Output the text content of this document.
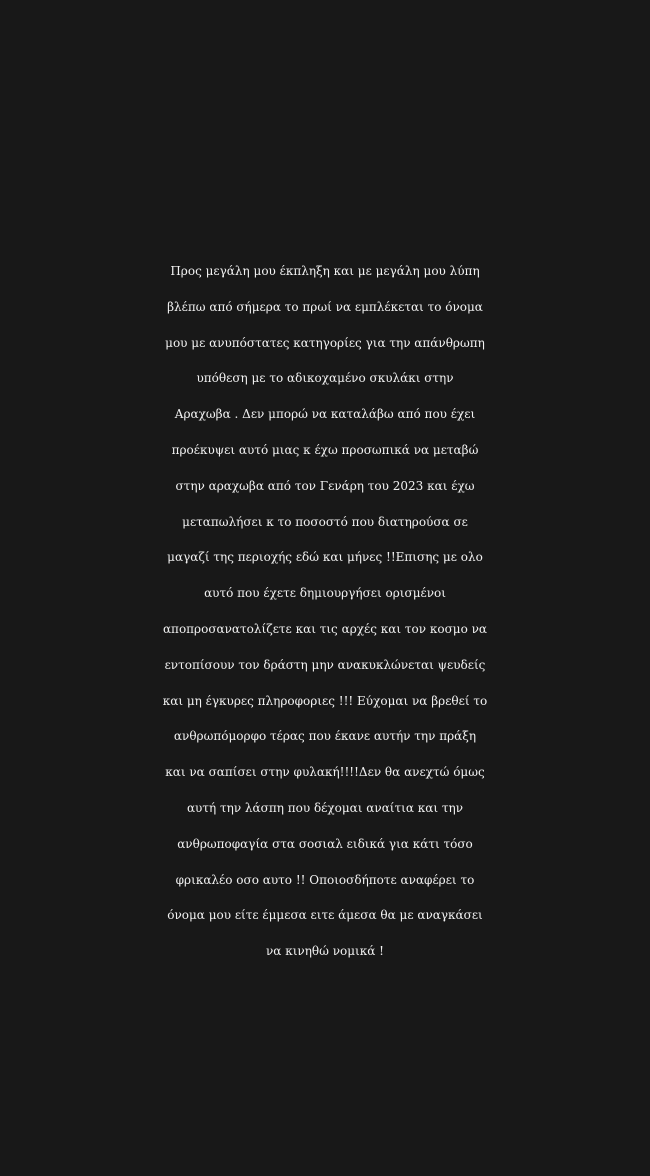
Προς μεγάλη μου έκπληξη και με μεγάλη μου λύπη
βλέπω από σήμερα το πρωί να εμπλέκεται το όνομα
μου με ανυπόστατες κατηγορίες για την απάνθρωπη
υπόθεση με το αδικοχαμένο σκυλάκι στην
Αραχωβα . Δεν μπορώ να καταλάβω από που έχει
προέκυψει αυτό μιας κ έχω προσωπικά να μεταβώ
στην αραχωβα από τον Γενάρη του 2023 και έχω
μεταπωλήσει κ το ποσοστό που διατηρούσα σε
μαγαζί της περιοχής εδώ και μήνες !!Επισης με ολο
αυτό που έχετε δημιουργήσει ορισμένοι
αποπροσανατολίζετε και τις αρχές και τον κοσμο να
εντοπίσουν τον δράστη μην ανακυκλώνεται ψευδείς
και μη έγκυρες πληροφοριες !!! Εύχομαι να βρεθεί το
ανθρωπόμορφο τέρας που έκανε αυτήν την πράξη
και να σαπίσει στην φυλακή!!!!Δεν θα ανεχτώ όμως
αυτή την λάσπη που δέχομαι αναίτια και την
ανθρωποφαγία στα σοσιαλ ειδικά για κάτι τόσο
φρικαλέο οσο αυτο !! Οποιοσδήποτε αναφέρει το
όνομα μου είτε έμμεσα ειτε άμεσα θα με αναγκάσει
να κινηθώ νομικά !
